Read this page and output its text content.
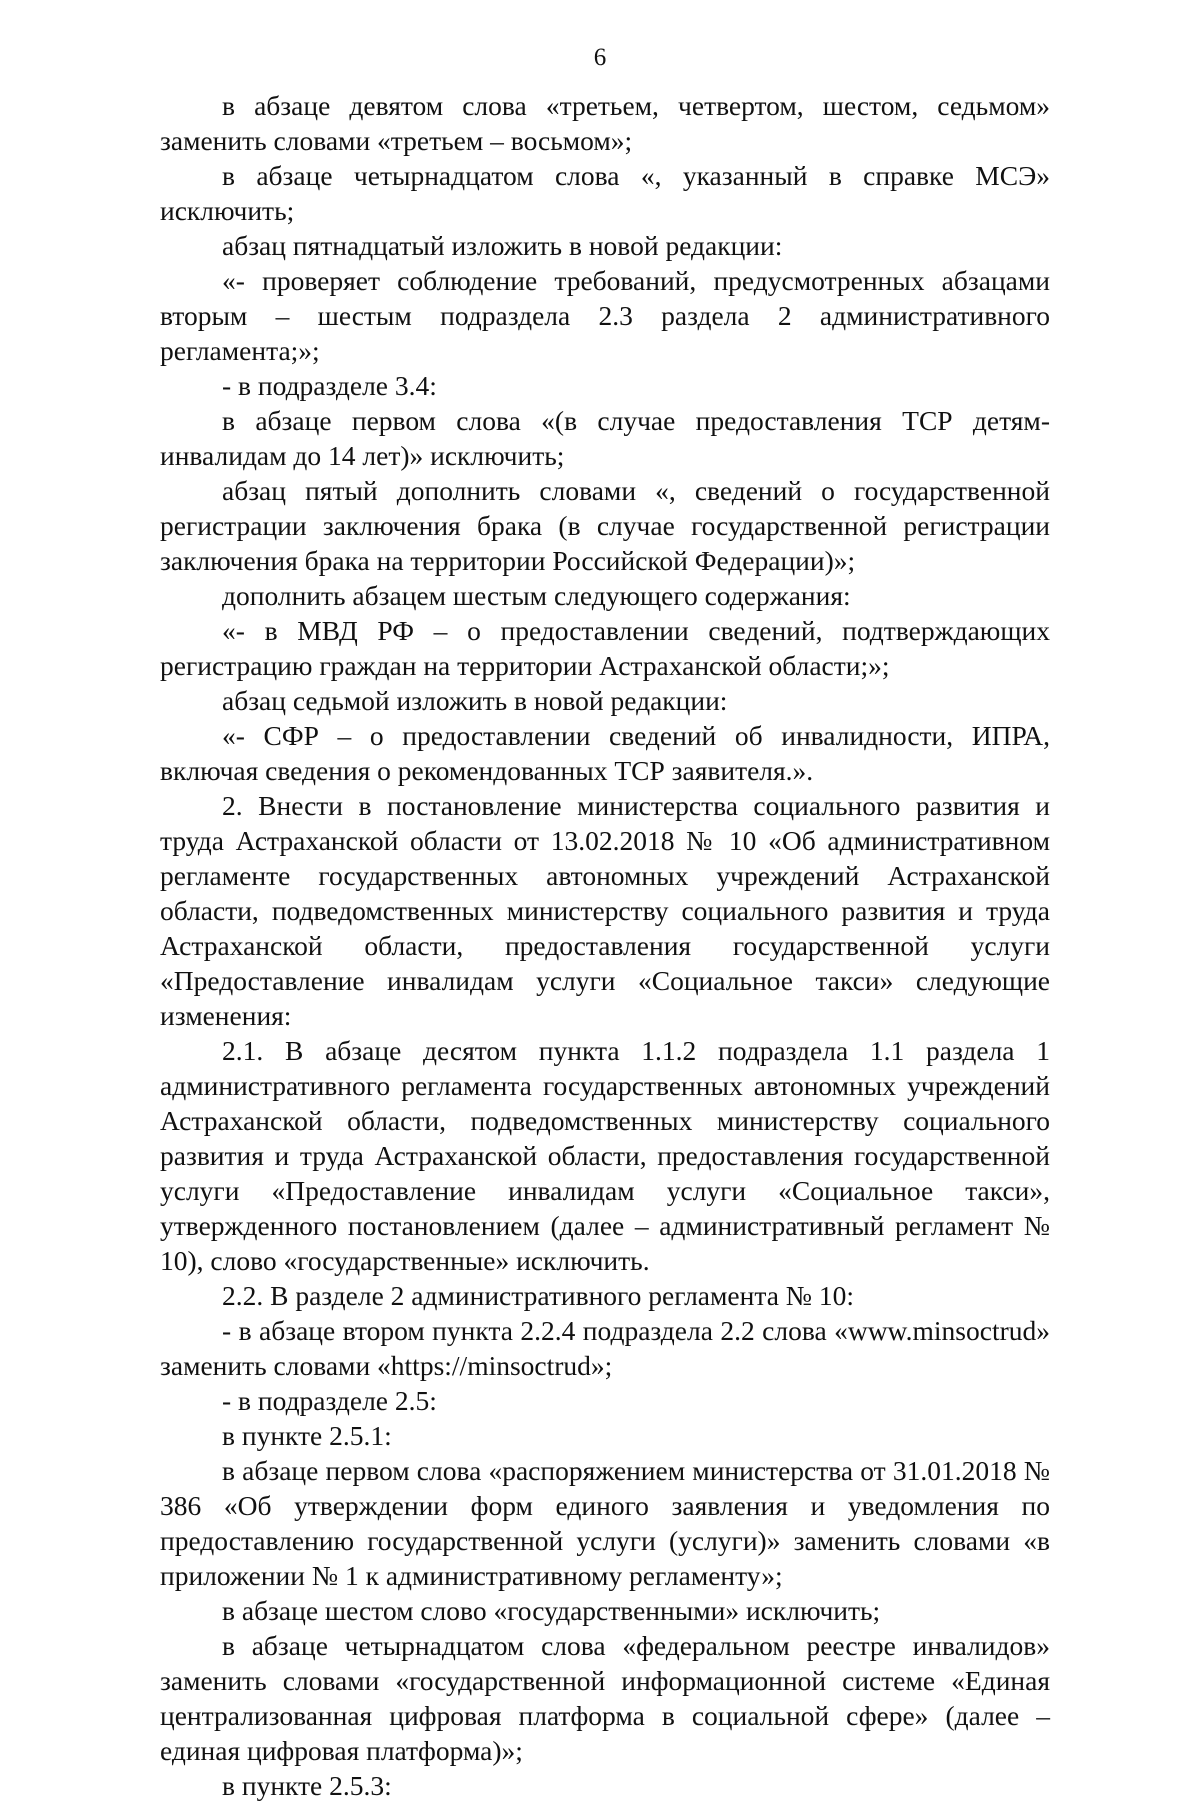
6

в абзаце девятом слова «третьем, четвертом, шестом, седьмом» заменить словами «третьем – восьмом»;

в абзаце четырнадцатом слова «, указанный в справке МСЭ» исключить;

абзац пятнадцатый изложить в новой редакции:

«- проверяет соблюдение требований, предусмотренных абзацами вторым – шестым подраздела 2.3 раздела 2 административного регламента;»;

- в подразделе 3.4:

в абзаце первом слова «(в случае предоставления ТСР детям-инвалидам до 14 лет)» исключить;

абзац пятый дополнить словами «, сведений о государственной регистрации заключения брака (в случае государственной регистрации заключения брака на территории Российской Федерации)»;

дополнить абзацем шестым следующего содержания:

«- в МВД РФ – о предоставлении сведений, подтверждающих регистрацию граждан на территории Астраханской области;»;

абзац седьмой изложить в новой редакции:

«- СФР – о предоставлении сведений об инвалидности, ИПРА, включая сведения о рекомендованных ТСР заявителя.».

2. Внести в постановление министерства социального развития и труда Астраханской области от 13.02.2018 № 10 «Об административном регламенте государственных автономных учреждений Астраханской области, подведомственных министерству социального развития и труда Астраханской области, предоставления государственной услуги «Предоставление инвалидам услуги «Социальное такси» следующие изменения:

2.1. В абзаце десятом пункта 1.1.2 подраздела 1.1 раздела 1 административного регламента государственных автономных учреждений Астраханской области, подведомственных министерству социального развития и труда Астраханской области, предоставления государственной услуги «Предоставление инвалидам услуги «Социальное такси», утвержденного постановлением (далее – административный регламент № 10), слово «государственные» исключить.

2.2. В разделе 2 административного регламента № 10:

- в абзаце втором пункта 2.2.4 подраздела 2.2 слова «www.minsoctrud» заменить словами «https://minsoctrud»;

- в подразделе 2.5:

в пункте 2.5.1:

в абзаце первом слова «распоряжением министерства от 31.01.2018 № 386 «Об утверждении форм единого заявления и уведомления по предоставлению государственной услуги (услуги)» заменить словами «в приложении № 1 к административному регламенту»;

в абзаце шестом слово «государственными» исключить;

в абзаце четырнадцатом слова «федеральном реестре инвалидов» заменить словами «государственной информационной системе «Единая централизованная цифровая платформа в социальной сфере» (далее – единая цифровая платформа)»;

в пункте 2.5.3:
